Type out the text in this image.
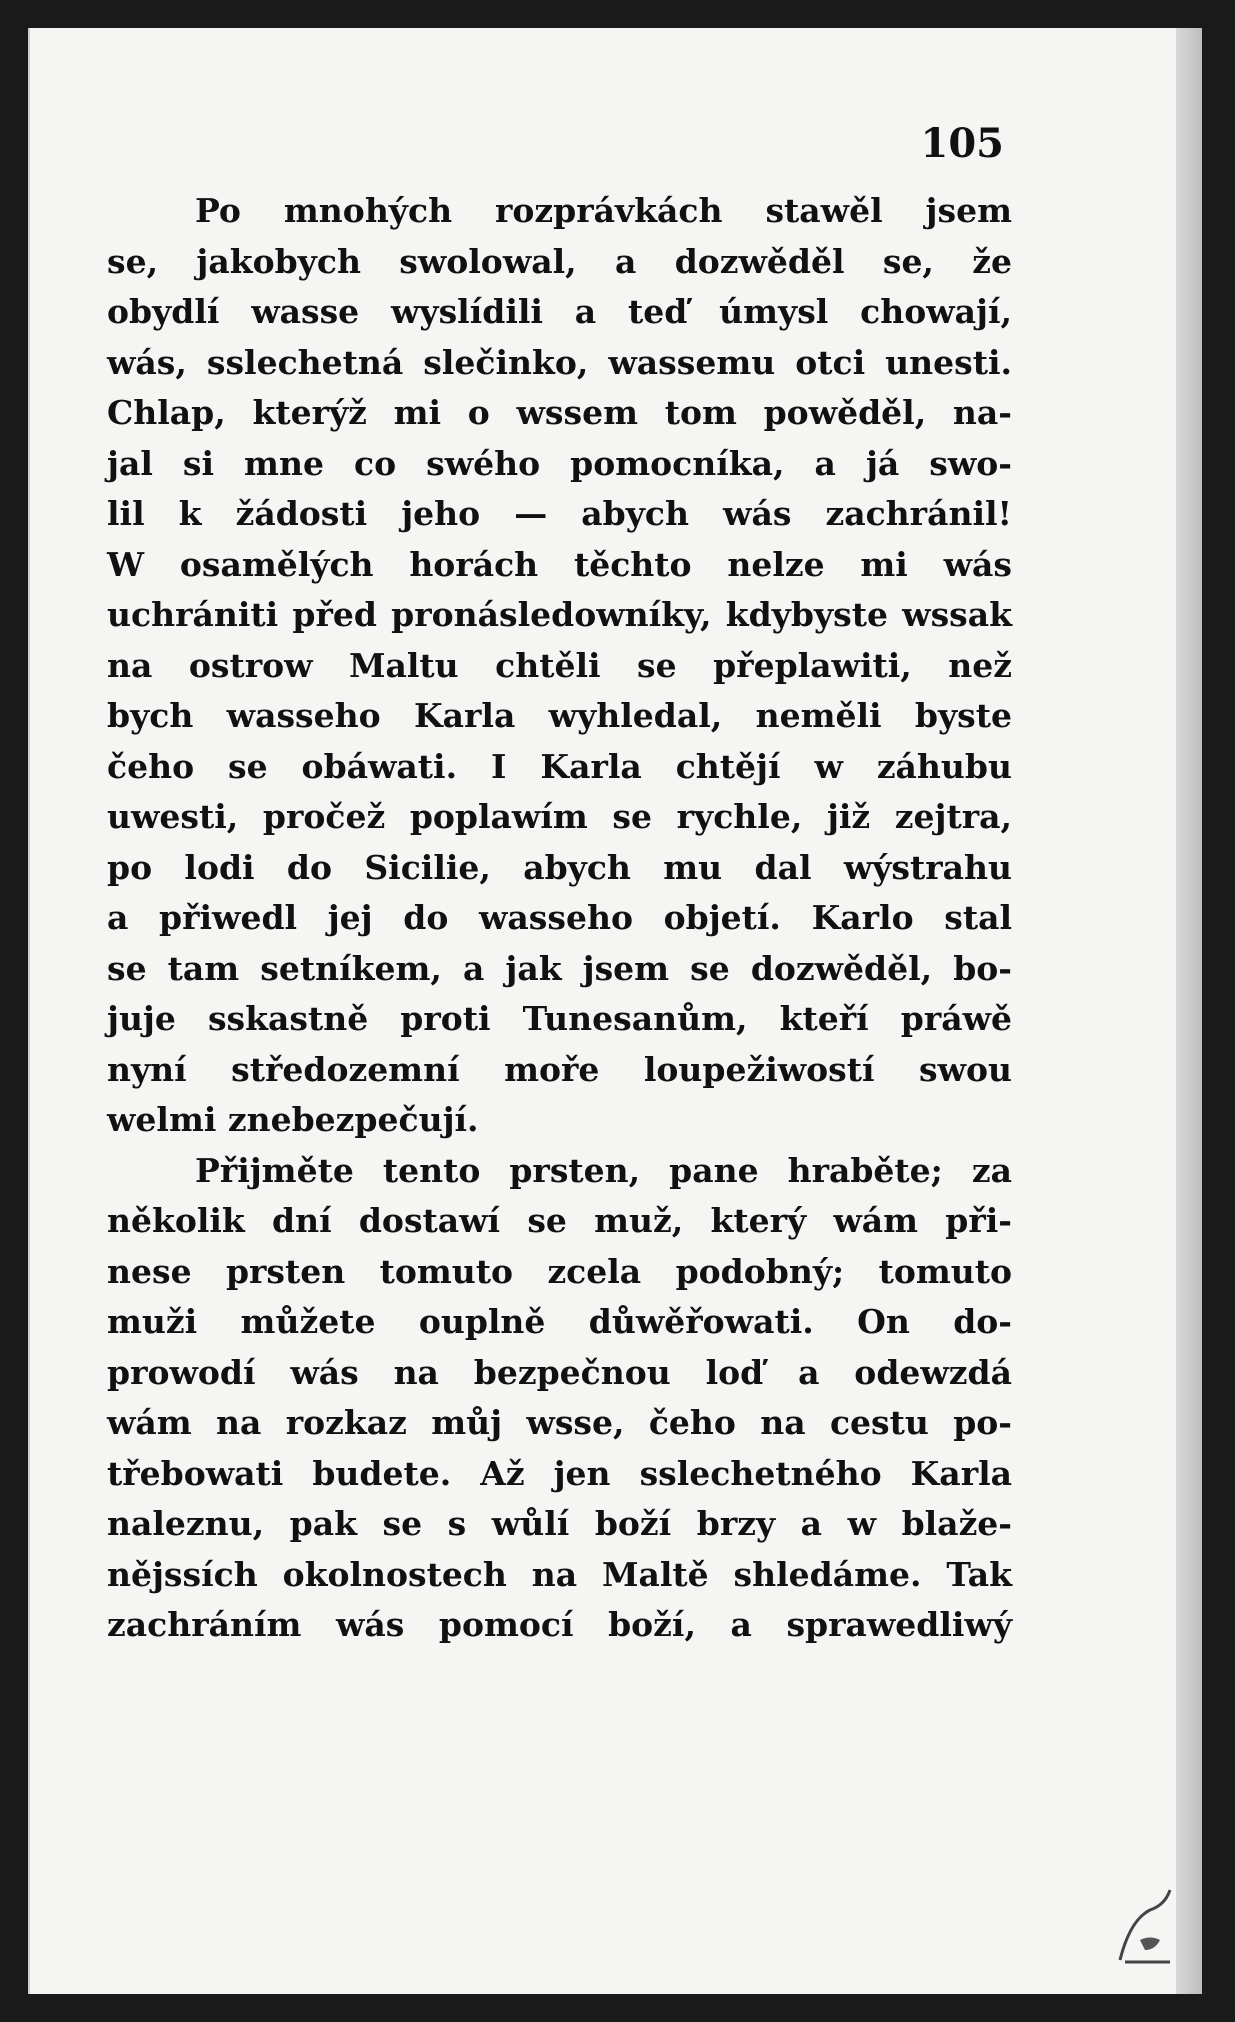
105
Po mnohých rozprávkách stawěl jsem
se, jakobych swolowal, a dozwěděl se, že
obydlí wasse wyslídili a teď úmysl chowají,
wás, sslechetná slečinko, wassemu otci unesti.
Chlap, kterýž mi o wssem tom powěděl, na-
jal si mne co swého pomocníka, a já swo-
lil k žádosti jeho — abych wás zachránil!
W osamělých horách těchto nelze mi wás
uchrániti před pronásledowníky, kdybyste wssak
na ostrow Maltu chtěli se přeplawiti, než
bych wasseho Karla wyhledal, neměli byste
čeho se obáwati. I Karla chtějí w záhubu
uwesti, pročež poplawím se rychle, již zejtra,
po lodi do Sicilie, abych mu dal wýstrahu
a přiwedl jej do wasseho objetí. Karlo stal
se tam setníkem, a jak jsem se dozwěděl, bo-
juje sskastně proti Tunesanům, kteří práwě
nyní středozemní moře loupežiwostí swou
welmi znebezpečují.
Přijměte tento prsten, pane hraběte; za
několik dní dostawí se muž, který wám při-
nese prsten tomuto zcela podobný; tomuto
muži můžete ouplně důwěřowati. On do-
prowodí wás na bezpečnou loď a odewzdá
wám na rozkaz můj wsse, čeho na cestu po-
třebowati budete. Až jen sslechetného Karla
naleznu, pak se s wůlí boží brzy a w blaže-
nějssích okolnostech na Maltě shledáme. Tak
zachráním wás pomocí boží, a sprawedliwý
